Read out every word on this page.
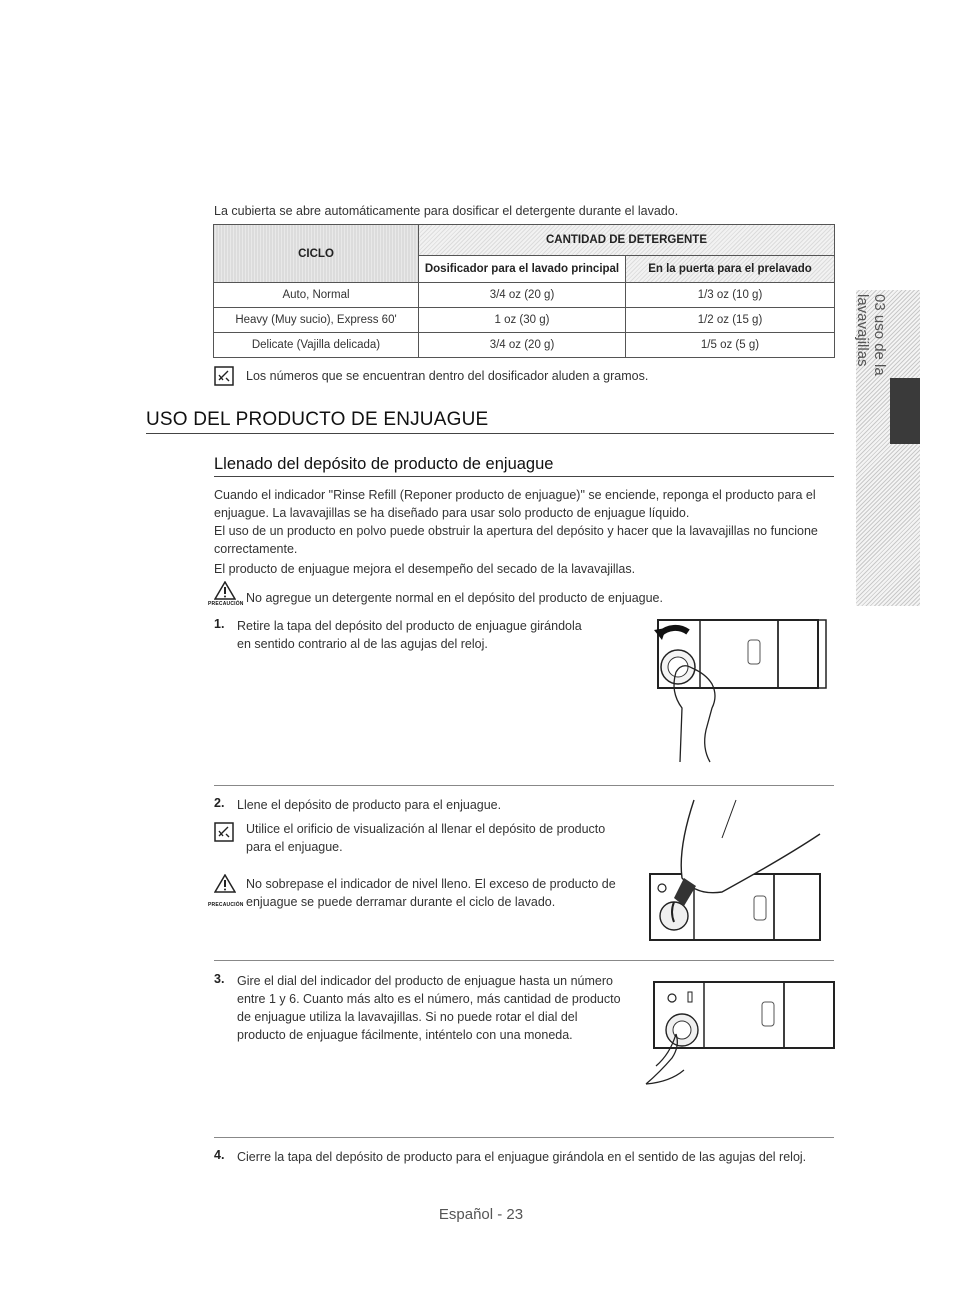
La cubierta se abre automáticamente para dosificar el detergente durante el lavado.
CICLO	CANTIDAD DE DETERGENTE	
	Dosificador para el lavado principal	En la puerta para el prelavado
Auto, Normal	3/4 oz (20 g)	1/3 oz (10 g)
Heavy (Muy sucio), Express 60'	1 oz (30 g)	1/2 oz (15 g)
Delicate (Vajilla delicada)	3/4 oz (20 g)	1/5 oz (5 g)
Los números que se encuentran dentro del dosificador aluden a gramos.
USO DEL PRODUCTO DE ENJUAGUE
Llenado del depósito de producto de enjuague
Cuando el indicador "Rinse Refill (Reponer producto de enjuague)" se enciende, reponga el producto para el enjuague. La lavavajillas se ha diseñado para usar solo producto de enjuague líquido.
El uso de un producto en polvo puede obstruir la apertura del depósito y hacer que la lavavajillas no funcione correctamente.
El producto de enjuague mejora el desempeño del secado de la lavavajillas.
PRECAUCIÓN No agregue un detergente normal en el depósito del producto de enjuague.
1. Retire la tapa del depósito del producto de enjuague girándola en sentido contrario al de las agujas del reloj.
2. Llene el depósito de producto para el enjuague.
Utilice el orificio de visualización al llenar el depósito de producto para el enjuague.
PRECAUCIÓN
No sobrepase el indicador de nivel lleno. El exceso de producto de enjuague se puede derramar durante el ciclo de lavado.
3. Gire el dial del indicador del producto de enjuague hasta un número entre 1 y 6. Cuanto más alto es el número, más cantidad de producto de enjuague utiliza la lavavajillas. Si no puede rotar el dial del producto de enjuague fácilmente, inténtelo con una moneda.
4. Cierre la tapa del depósito de producto para el enjuague girándola en el sentido de las agujas del reloj.
Español - 23
03 uso de la lavavajillas
